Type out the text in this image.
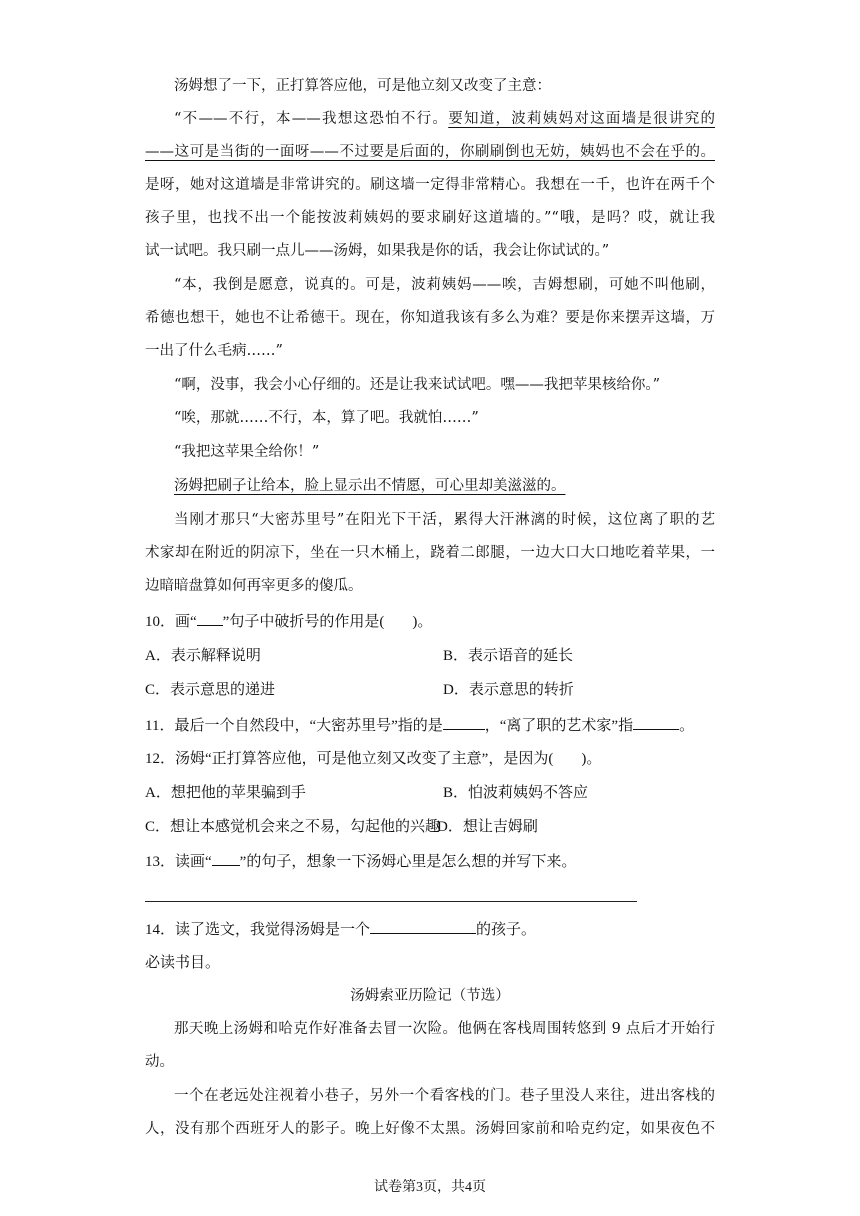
汤姆想了一下，正打算答应他，可是他立刻又改变了主意：
“不——不行，本——我想这恐怕不行。要知道，波莉姨妈对这面墙是很讲究的
——这可是当街的一面呀——不过要是后面的，你刷刷倒也无妨，姨妈也不会在乎的。
是呀，她对这道墙是非常讲究的。刷这墙一定得非常精心。我想在一千，也许在两千个
孩子里，也找不出一个能按波莉姨妈的要求刷好这道墙的。”“哦，是吗？哎，就让我
试一试吧。我只刷一点儿——汤姆，如果我是你的话，我会让你试试的。”
“本，我倒是愿意，说真的。可是，波莉姨妈——唉，吉姆想刷，可她不叫他刷，
希德也想干，她也不让希德干。现在，你知道我该有多么为难？要是你来摆弄这墙，万
一出了什么毛病……”
“啊，没事，我会小心仔细的。还是让我来试试吧。嘿——我把苹果核给你。”
“唉，那就……不行，本，算了吧。我就怕……”
“我把这苹果全给你！”
汤姆把刷子让给本，脸上显示出不情愿，可心里却美滋滋的。
当刚才那只“大密苏里号”在阳光下干活，累得大汗淋漓的时候，这位离了职的艺
术家却在附近的阴凉下，坐在一只木桶上，跷着二郎腿，一边大口大口地吃着苹果，一
边暗暗盘算如何再宰更多的傻瓜。
10．画“ ”句子中破折号的作用是( )。
A．表示解释说明	B．表示语音的延长
C．表示意思的递进	D．表示意思的转折
11．最后一个自然段中，“大密苏里号”指的是	，“离了职的艺术家”指	。
12．汤姆“正打算答应他，可是他立刻又改变了主意”，是因为( )。
A．想把他的苹果骗到手	B．怕波莉姨妈不答应
C．想让本感觉机会来之不易，勾起他的兴趣
D．想让吉姆刷
13．读画“ ”的句子，想象一下汤姆心里是怎么想的并写下来。
14．读了选文，我觉得汤姆是一个	的孩子。
必读书目。
汤姆索亚历险记（节选）
那天晚上汤姆和哈克作好准备去冒一次险。他俩在客栈周围转悠到 9 点后才开始行
动。
一个在老远处注视着小巷子，另外一个看客栈的门。巷子里没人来往，进出客栈的
人，没有那个西班牙人的影子。晚上好像不太黑。汤姆回家前和哈克约定，如果夜色不
试卷第3页，共4页
